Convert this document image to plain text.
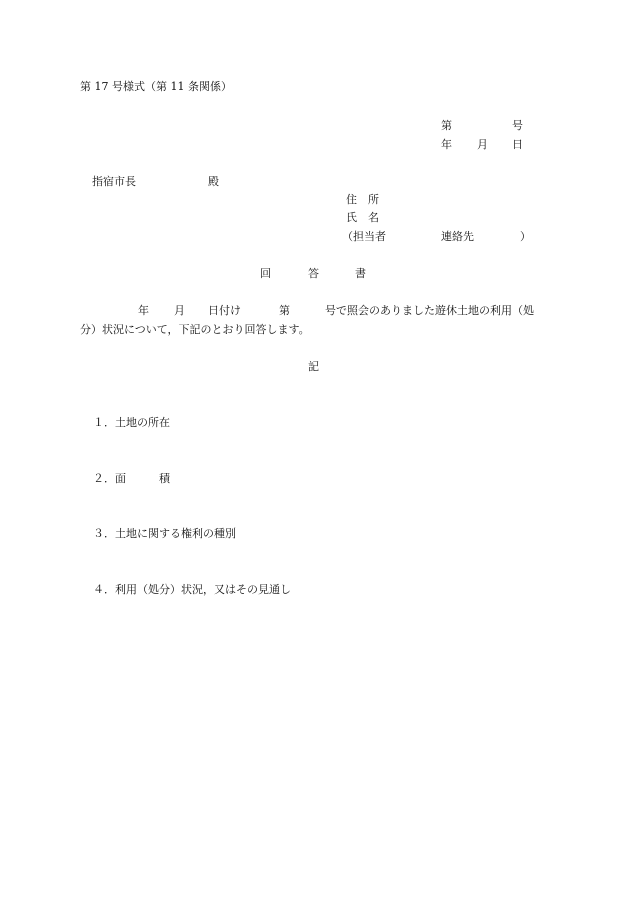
第 17 号様式（第 11 条関係）
第	号
年 月 日
指宿市長	殿
住　所
氏　名
（担当者	連絡先	）
回	答	書
年 月 日付け	第	号で照会のありました遊休土地の利用（処
分）状況について，下記のとおり回答します。
記
１．土地の所在
２．面　　　積
３．土地に関する権利の種別
４．利用（処分）状況，又はその見通し
